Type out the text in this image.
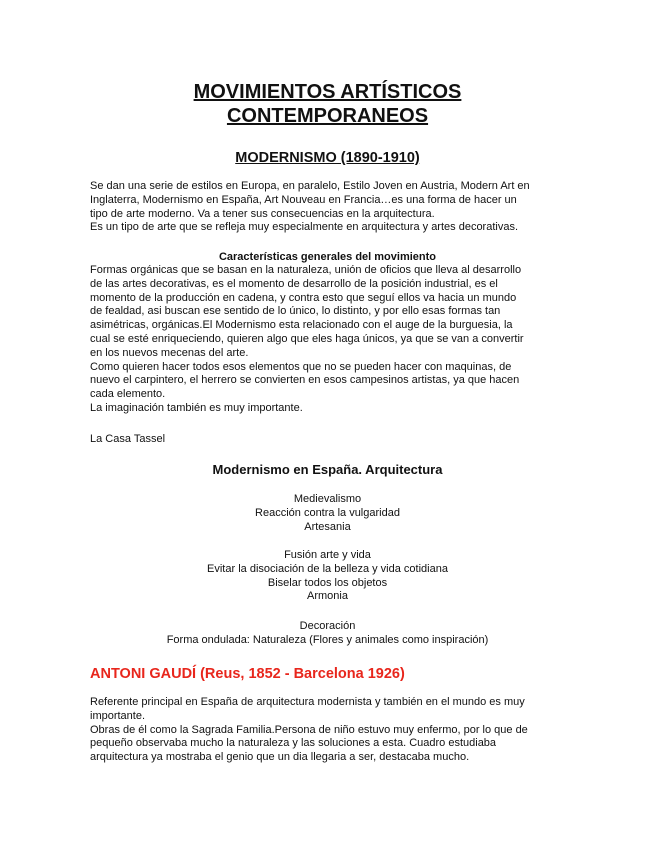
MOVIMIENTOS ARTÍSTICOS
CONTEMPORANEOS
MODERNISMO (1890-1910)

Se dan una serie de estilos en Europa, en paralelo, Estilo Joven en Austria, Modern Art en

Inglaterra, Modernismo en España, Art Nouveau en Francia…es una forma de hacer un

tipo de arte moderno. Va a tener sus consecuencias en la arquitectura.

Es un tipo de arte que se refleja muy especialmente en arquitectura y artes decorativas.

Características generales del movimiento

Formas orgánicas que se basan en la naturaleza, unión de oficios que lleva al desarrollo

de las artes decorativas, es el momento de desarrollo de la posición industrial, es el

momento de la producción en cadena, y contra esto que seguí ellos va hacia un mundo

de fealdad, asi buscan ese sentido de lo único, lo distinto, y por ello esas formas tan

asimétricas, orgánicas.El Modernismo esta relacionado con el auge de la burguesia, la

cual se esté enriqueciendo, quieren algo que eles haga únicos, ya que se van a convertir

en los nuevos mecenas del arte.

Como quieren hacer todos esos elementos que no se pueden hacer con maquinas, de

nuevo el carpintero, el herrero se convierten en esos campesinos artistas, ya que hacen

cada elemento.

La imaginación también es muy importante.

La Casa Tassel

Modernismo en España. Arquitectura
Medievalismo
Reacción contra la vulgaridad
Artesania
Fusión arte y vida
Evitar la disociación de la belleza y vida cotidiana
Biselar todos los objetos
Armonia
Decoración
Forma ondulada: Naturaleza (Flores y animales como inspiración)
ANTONI GAUDÍ (Reus, 1852 - Barcelona 1926)

Referente principal en España de arquitectura modernista y también en el mundo es muy

importante.

Obras de él como la Sagrada Familia.Persona de niño estuvo muy enfermo, por lo que de

pequeño observaba mucho la naturaleza y las soluciones a esta. Cuadro estudiaba

arquitectura ya mostraba el genio que un dia llegaria a ser, destacaba mucho.
